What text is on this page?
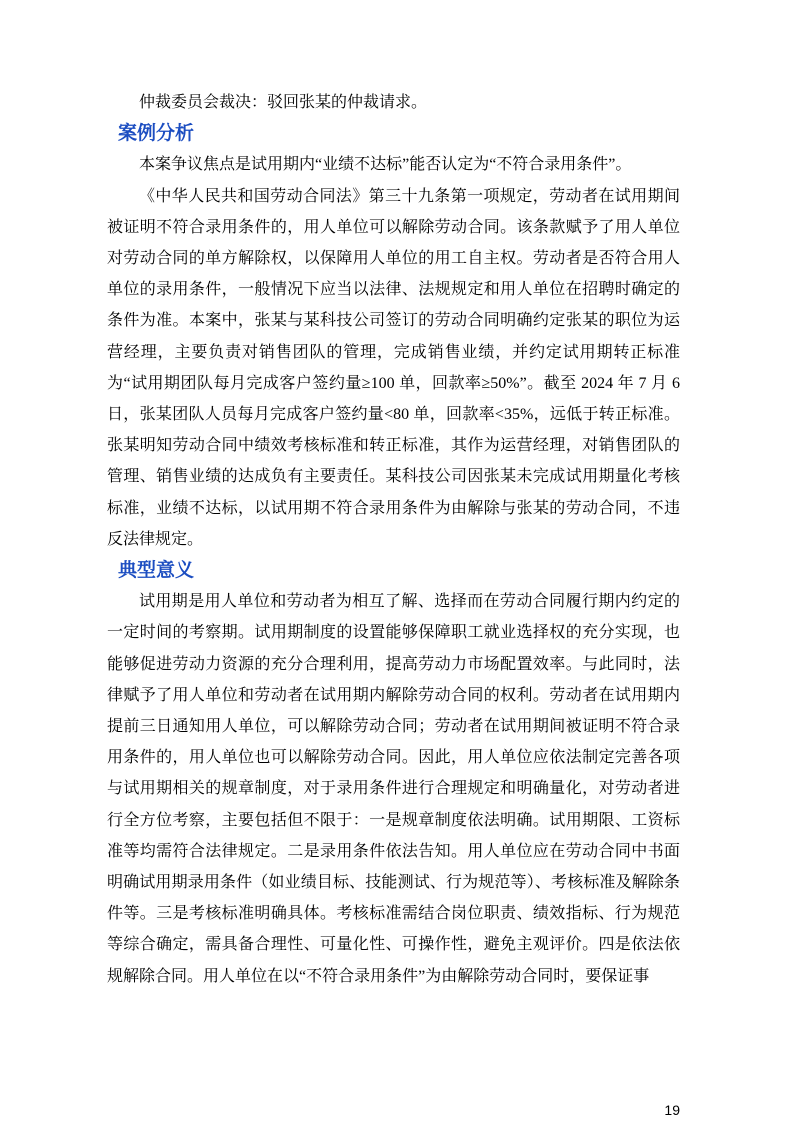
仲裁委员会裁决：驳回张某的仲裁请求。

案例分析

本案争议焦点是试用期内“业绩不达标”能否认定为“不符合录用条件”。

《中华人民共和国劳动合同法》第三十九条第一项规定，劳动者在试用期间被证明不符合录用条件的，用人单位可以解除劳动合同。该条款赋予了用人单位对劳动合同的单方解除权，以保障用人单位的用工自主权。劳动者是否符合用人单位的录用条件，一般情况下应当以法律、法规规定和用人单位在招聘时确定的条件为准。本案中，张某与某科技公司签订的劳动合同明确约定张某的职位为运营经理，主要负责对销售团队的管理，完成销售业绩，并约定试用期转正标准为“试用期团队每月完成客户签约量≥100 单，回款率≥50%”。截至 2024 年 7 月 6 日，张某团队人员每月完成客户签约量<80 单，回款率<35%，远低于转正标准。张某明知劳动合同中绩效考核标准和转正标准，其作为运营经理，对销售团队的管理、销售业绩的达成负有主要责任。某科技公司因张某未完成试用期量化考核标准，业绩不达标，以试用期不符合录用条件为由解除与张某的劳动合同，不违反法律规定。

典型意义

试用期是用人单位和劳动者为相互了解、选择而在劳动合同履行期内约定的一定时间的考察期。试用期制度的设置能够保障职工就业选择权的充分实现，也能够促进劳动力资源的充分合理利用，提高劳动力市场配置效率。与此同时，法律赋予了用人单位和劳动者在试用期内解除劳动合同的权利。劳动者在试用期内提前三日通知用人单位，可以解除劳动合同；劳动者在试用期间被证明不符合录用条件的，用人单位也可以解除劳动合同。因此，用人单位应依法制定完善各项与试用期相关的规章制度，对于录用条件进行合理规定和明确量化，对劳动者进行全方位考察，主要包括但不限于：一是规章制度依法明确。试用期限、工资标准等均需符合法律规定。二是录用条件依法告知。用人单位应在劳动合同中书面明确试用期录用条件（如业绩目标、技能测试、行为规范等）、考核标准及解除条件等。三是考核标准明确具体。考核标准需结合岗位职责、绩效指标、行为规范等综合确定，需具备合理性、可量化性、可操作性，避免主观评价。四是依法依规解除合同。用人单位在以“不符合录用条件”为由解除劳动合同时，要保证事

19
